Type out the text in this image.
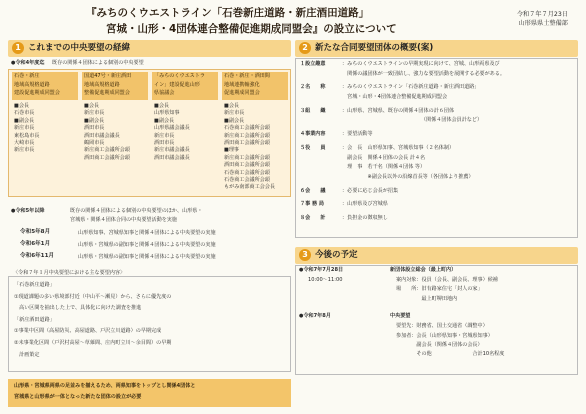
『みちのくウエストライン「石巻新庄道路・新庄酒田道路」
宮城・山形・4団体連合整備促進期成同盟会』の設立について
令和７年７月23日
山形県県土整備部
1 これまでの中央要望の経緯
●令和4年度迄 既存の関係４団体による個別の中央要望
石巻・新庄
地域高規格道路
建設促進期成同盟会
■会長
石巻市長
■副会長
新庄市長
東松島市長
大崎市長
新庄市長
国道47号・新庄酒田
地域高規格道路
整備促進期成同盟会
■会長
新庄市長
■副会長
酒田市長
酒田市議会議長
鶴岡市長
新庄商工会議所会頭
酒田商工会議所会頭
「みちのくウエストラ
イン」建設促進山形
県協議会
■会長
山形県知事
■副会長
山形県議会議長
新庄市長
酒田市長
新庄市議会議長
酒田市議会議長
石巻・新庄・酒田間
地域連携軸強化
促進期成同盟会
■会長
新庄市長
■副会長
石巻商工会議所会頭
新庄商工会議所会頭
酒田商工会議所会頭
■理事
新庄商工会議所会頭
酒田商工会議所会頭
石巻商工会議所会頭
石巻商工会議所会頭
もがみ南部商工会会長
●令和5年以降	既存の関係４団体による個別の中央要望のほか、山形県・
宮城県・関係４団体合同の中央要望活動を実施
令和5年8月	山形県知事、宮城県知事と関係４団体による中央要望の実施
令和6年1月	山形県・宮城県の副知事と関係４団体による中央要望の実施
令和6年11月	山形県・宮城県の副知事と関係４団体による中央要望の実施
〈令和７年１月中央要望における主な要望内容〉
「石巻新庄道路」
①現道課題の多い県境部付近（中山平〜瀬見）から、さらに優先度の
　高い区間を抽出した上で、具体化に向けた調査を推進
「新庄酒田道路」
①事業中区間（高屋防災、高屋道路、戸沢立川道路）の早期完成
②未事業化区間（戸沢村高屋〜草薙間、庄内町立川〜余目間）の早期
　計画策定
山形県・宮城県両県の足並みを揃えるため、両県知事をトップとし関係4団体と
宮城県と山形県が一体となった新たな団体の設立が必要
2 新たな合同要望団体の概要(案)
１設立趣意	：みちのくウエストラインの早期実現に向けて、宮城、山形両県及び
　関係の議団体が一致団結し、強力な要望活動を展開する必要がある。
２名　　称	：みちのくウエストライン「石巻新庄道路・新庄酒田道路」
　宮城・山形・4団体連合整備促進期成同盟会
３組　　織	：山形県、宮城県、既存の関係４団体の計６団体
　　　　　　　　　　　　　　　　（関係４団体会員計など）
４事業内容	：要望活動等
５役　　員	：会　長　山形県知事、宮城県知事（２名体制）
　副会長　関係４団体の会長 計４名
　理　事　若干名（関係４団体 等）
　　　　　※副会長以外の沿線首長等（各団体より推薦）
６会　　議	：必要に応じ会長が招集
７事 務 局	：山形県及び宮城県
８会　　計	：負担金の徴収無し
3 今後の予定
●令和7年7月28日
10:00〜11:00
新団体設立総会（最上町内）
案内対象：役員（会長、副会長、理事）候補
場　　所：旧有路家住宅「封人の家」
　　　　　最上町堺田地内
●令和7年8月	中央要望
要望先：財務省、国土交通省（調整中）
参加者：会長（山形県知事・宮城県知事）
　　　　副会長（関係４団体の会長）
　　　　その他　　　　　　　　合計10名程度
